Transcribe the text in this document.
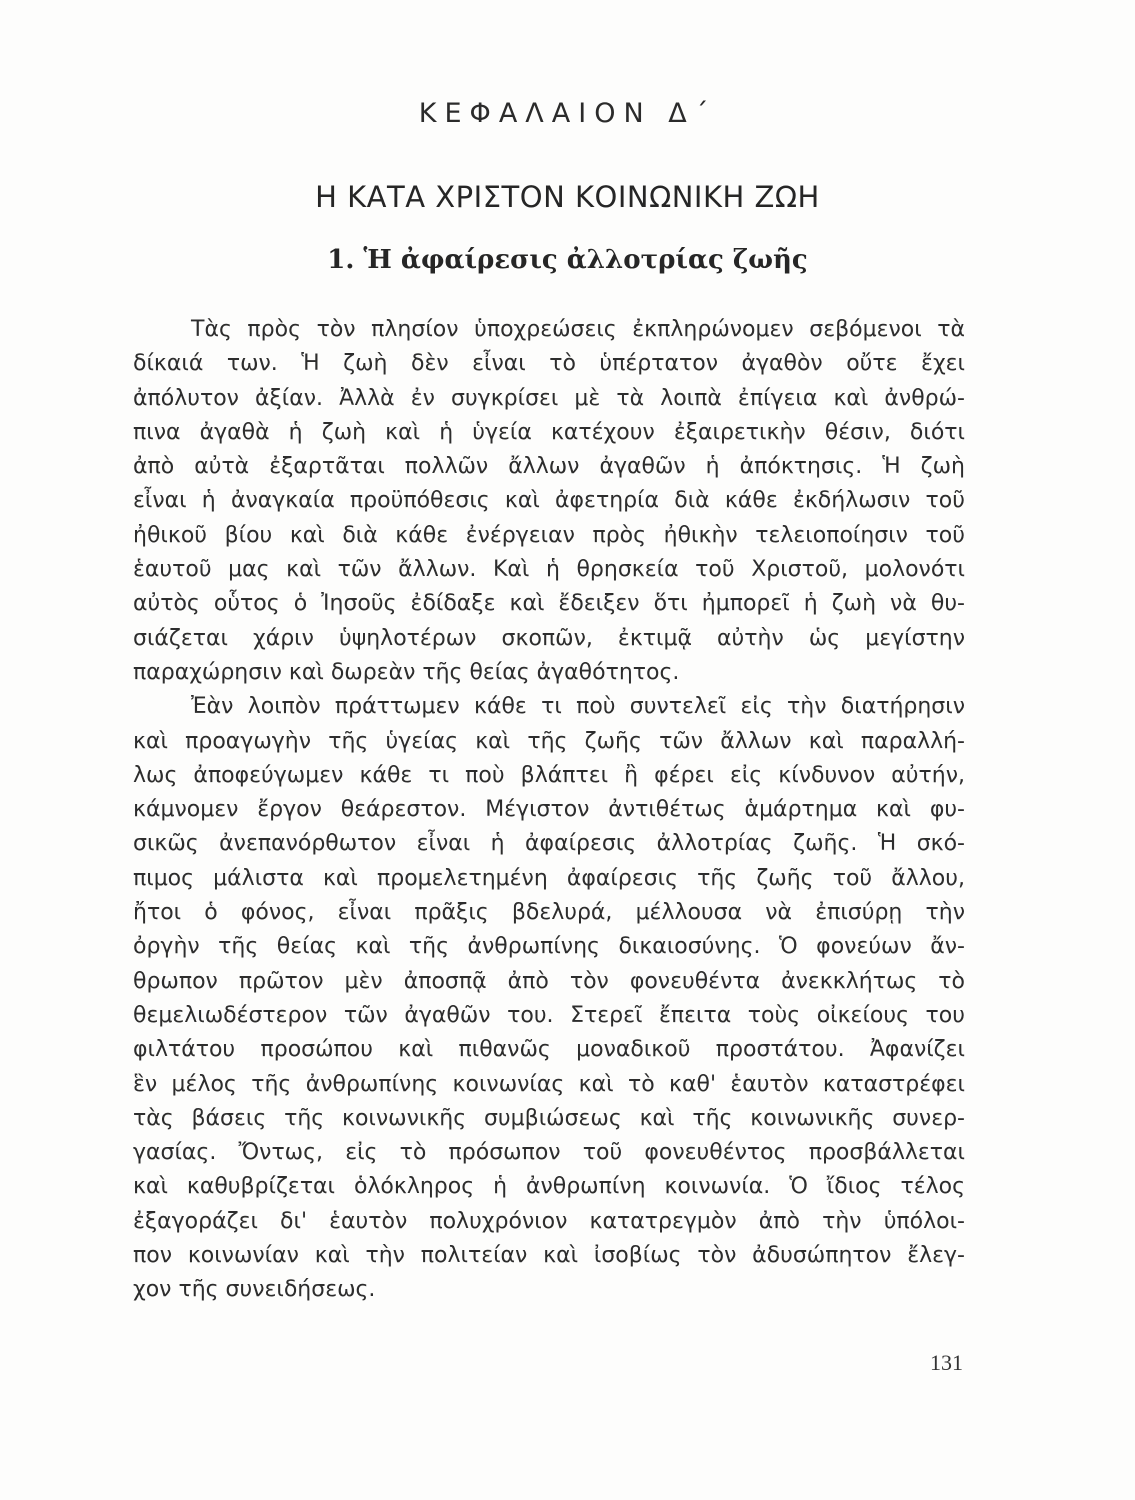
ΚΕΦΑΛΑΙΟΝ Δ΄
Η ΚΑΤΑ ΧΡΙΣΤΟΝ ΚΟΙΝΩΝΙΚΗ ΖΩΗ
1. Ἡ ἀφαίρεσις ἀλλοτρίας ζωῆς
Τὰς πρὸς τὸν πλησίον ὑποχρεώσεις ἐκπληρώνομεν σεβόμενοι τὰ
δίκαιά των. Ἡ ζωὴ δὲν εἶναι τὸ ὑπέρτατον ἀγαθὸν οὔτε ἔχει
ἀπόλυτον ἀξίαν. Ἀλλὰ ἐν συγκρίσει μὲ τὰ λοιπὰ ἐπίγεια καὶ ἀνθρώ-
πινα ἀγαθὰ ἡ ζωὴ καὶ ἡ ὑγεία κατέχουν ἐξαιρετικὴν θέσιν, διότι
ἀπὸ αὐτὰ ἐξαρτᾶται πολλῶν ἄλλων ἀγαθῶν ἡ ἀπόκτησις. Ἡ ζωὴ
εἶναι ἡ ἀναγκαία προϋπόθεσις καὶ ἀφετηρία διὰ κάθε ἐκδήλωσιν τοῦ
ἠθικοῦ βίου καὶ διὰ κάθε ἐνέργειαν πρὸς ἠθικὴν τελειοποίησιν τοῦ
ἑαυτοῦ μας καὶ τῶν ἄλλων. Καὶ ἡ θρησκεία τοῦ Χριστοῦ, μολονότι
αὐτὸς οὗτος ὁ Ἰησοῦς ἐδίδαξε καὶ ἔδειξεν ὅτι ἠμπορεῖ ἡ ζωὴ νὰ θυ-
σιάζεται χάριν ὑψηλοτέρων σκοπῶν, ἐκτιμᾷ αὐτὴν ὡς μεγίστην
παραχώρησιν καὶ δωρεὰν τῆς θείας ἀγαθότητος.
Ἐὰν λοιπὸν πράττωμεν κάθε τι ποὺ συντελεῖ εἰς τὴν διατήρησιν
καὶ προαγωγὴν τῆς ὑγείας καὶ τῆς ζωῆς τῶν ἄλλων καὶ παραλλή-
λως ἀποφεύγωμεν κάθε τι ποὺ βλάπτει ἢ φέρει εἰς κίνδυνον αὐτήν,
κάμνομεν ἔργον θεάρεστον. Μέγιστον ἀντιθέτως ἁμάρτημα καὶ φυ-
σικῶς ἀνεπανόρθωτον εἶναι ἡ ἀφαίρεσις ἀλλοτρίας ζωῆς. Ἡ σκό-
πιμος μάλιστα καὶ προμελετημένη ἀφαίρεσις τῆς ζωῆς τοῦ ἄλλου,
ἤτοι ὁ φόνος, εἶναι πρᾶξις βδελυρά, μέλλουσα νὰ ἐπισύρῃ τὴν
ὀργὴν τῆς θείας καὶ τῆς ἀνθρωπίνης δικαιοσύνης. Ὁ φονεύων ἄν-
θρωπον πρῶτον μὲν ἀποσπᾷ ἀπὸ τὸν φονευθέντα ἀνεκκλήτως τὸ
θεμελιωδέστερον τῶν ἀγαθῶν του. Στερεῖ ἔπειτα τοὺς οἰκείους του
φιλτάτου προσώπου καὶ πιθανῶς μοναδικοῦ προστάτου. Ἀφανίζει
ἓν μέλος τῆς ἀνθρωπίνης κοινωνίας καὶ τὸ καθ' ἑαυτὸν καταστρέφει
τὰς βάσεις τῆς κοινωνικῆς συμβιώσεως καὶ τῆς κοινωνικῆς συνερ-
γασίας. Ὄντως, εἰς τὸ πρόσωπον τοῦ φονευθέντος προσβάλλεται
καὶ καθυβρίζεται ὁλόκληρος ἡ ἀνθρωπίνη κοινωνία. Ὁ ἴδιος τέλος
ἐξαγοράζει δι' ἑαυτὸν πολυχρόνιον κατατρεγμὸν ἀπὸ τὴν ὑπόλοι-
πον κοινωνίαν καὶ τὴν πολιτείαν καὶ ἰσοβίως τὸν ἀδυσώπητον ἔλεγ-
χον τῆς συνειδήσεως.
131
